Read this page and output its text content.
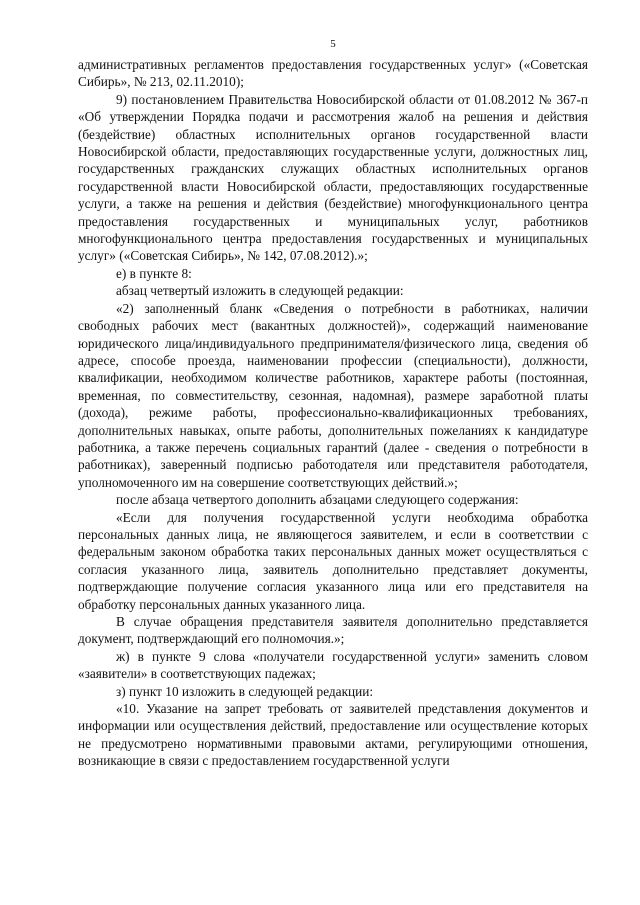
5

административных регламентов предоставления государственных услуг» («Советская Сибирь», № 213, 02.11.2010);

9) постановлением Правительства Новосибирской области от 01.08.2012 № 367-п «Об утверждении Порядка подачи и рассмотрения жалоб на решения и действия (бездействие) областных исполнительных органов государственной власти Новосибирской области, предоставляющих государственные услуги, должностных лиц, государственных гражданских служащих областных исполнительных органов государственной власти Новосибирской области, предоставляющих государственные услуги, а также на решения и действия (бездействие) многофункционального центра предоставления государственных и муниципальных услуг, работников многофункционального центра предоставления государственных и муниципальных услуг» («Советская Сибирь», № 142, 07.08.2012).»;

е) в пункте 8:

абзац четвертый изложить в следующей редакции:

«2) заполненный бланк «Сведения о потребности в работниках, наличии свободных рабочих мест (вакантных должностей)», содержащий наименование юридического лица/индивидуального предпринимателя/физического лица, сведения об адресе, способе проезда, наименовании профессии (специальности), должности, квалификации, необходимом количестве работников, характере работы (постоянная, временная, по совместительству, сезонная, надомная), размере заработной платы (дохода), режиме работы, профессионально-квалификационных требованиях, дополнительных навыках, опыте работы, дополнительных пожеланиях к кандидатуре работника, а также перечень социальных гарантий (далее - сведения о потребности в работниках), заверенный подписью работодателя или представителя работодателя, уполномоченного им на совершение соответствующих действий.»;

после абзаца четвертого дополнить абзацами следующего содержания:

«Если для получения государственной услуги необходима обработка персональных данных лица, не являющегося заявителем, и если в соответствии с федеральным законом обработка таких персональных данных может осуществляться с согласия указанного лица, заявитель дополнительно представляет документы, подтверждающие получение согласия указанного лица или его представителя на обработку персональных данных указанного лица.

В случае обращения представителя заявителя дополнительно представляется документ, подтверждающий его полномочия.»;

ж) в пункте 9 слова «получатели государственной услуги» заменить словом «заявители» в соответствующих падежах;

з) пункт 10 изложить в следующей редакции:

«10. Указание на запрет требовать от заявителей представления документов и информации или осуществления действий, предоставление или осуществление которых не предусмотрено нормативными правовыми актами, регулирующими отношения, возникающие в связи с предоставлением государственной услуги
